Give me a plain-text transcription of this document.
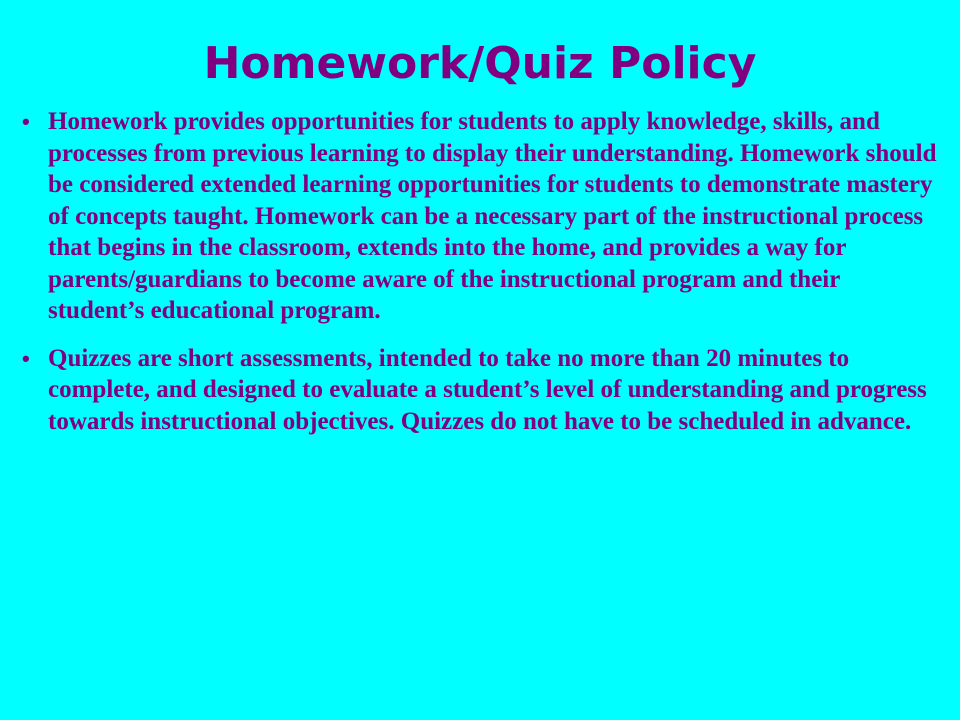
Homework/Quiz Policy
• Homework provides opportunities for students to apply knowledge, skills, and processes from previous learning to display their understanding. Homework should be considered extended learning opportunities for students to demonstrate mastery of concepts taught. Homework can be a necessary part of the instructional process that begins in the classroom, extends into the home, and provides a way for parents/guardians to become aware of the instructional program and their student’s educational program.
• Quizzes are short assessments, intended to take no more than 20 minutes to complete, and designed to evaluate a student’s level of understanding and progress towards instructional objectives. Quizzes do not have to be scheduled in advance.
